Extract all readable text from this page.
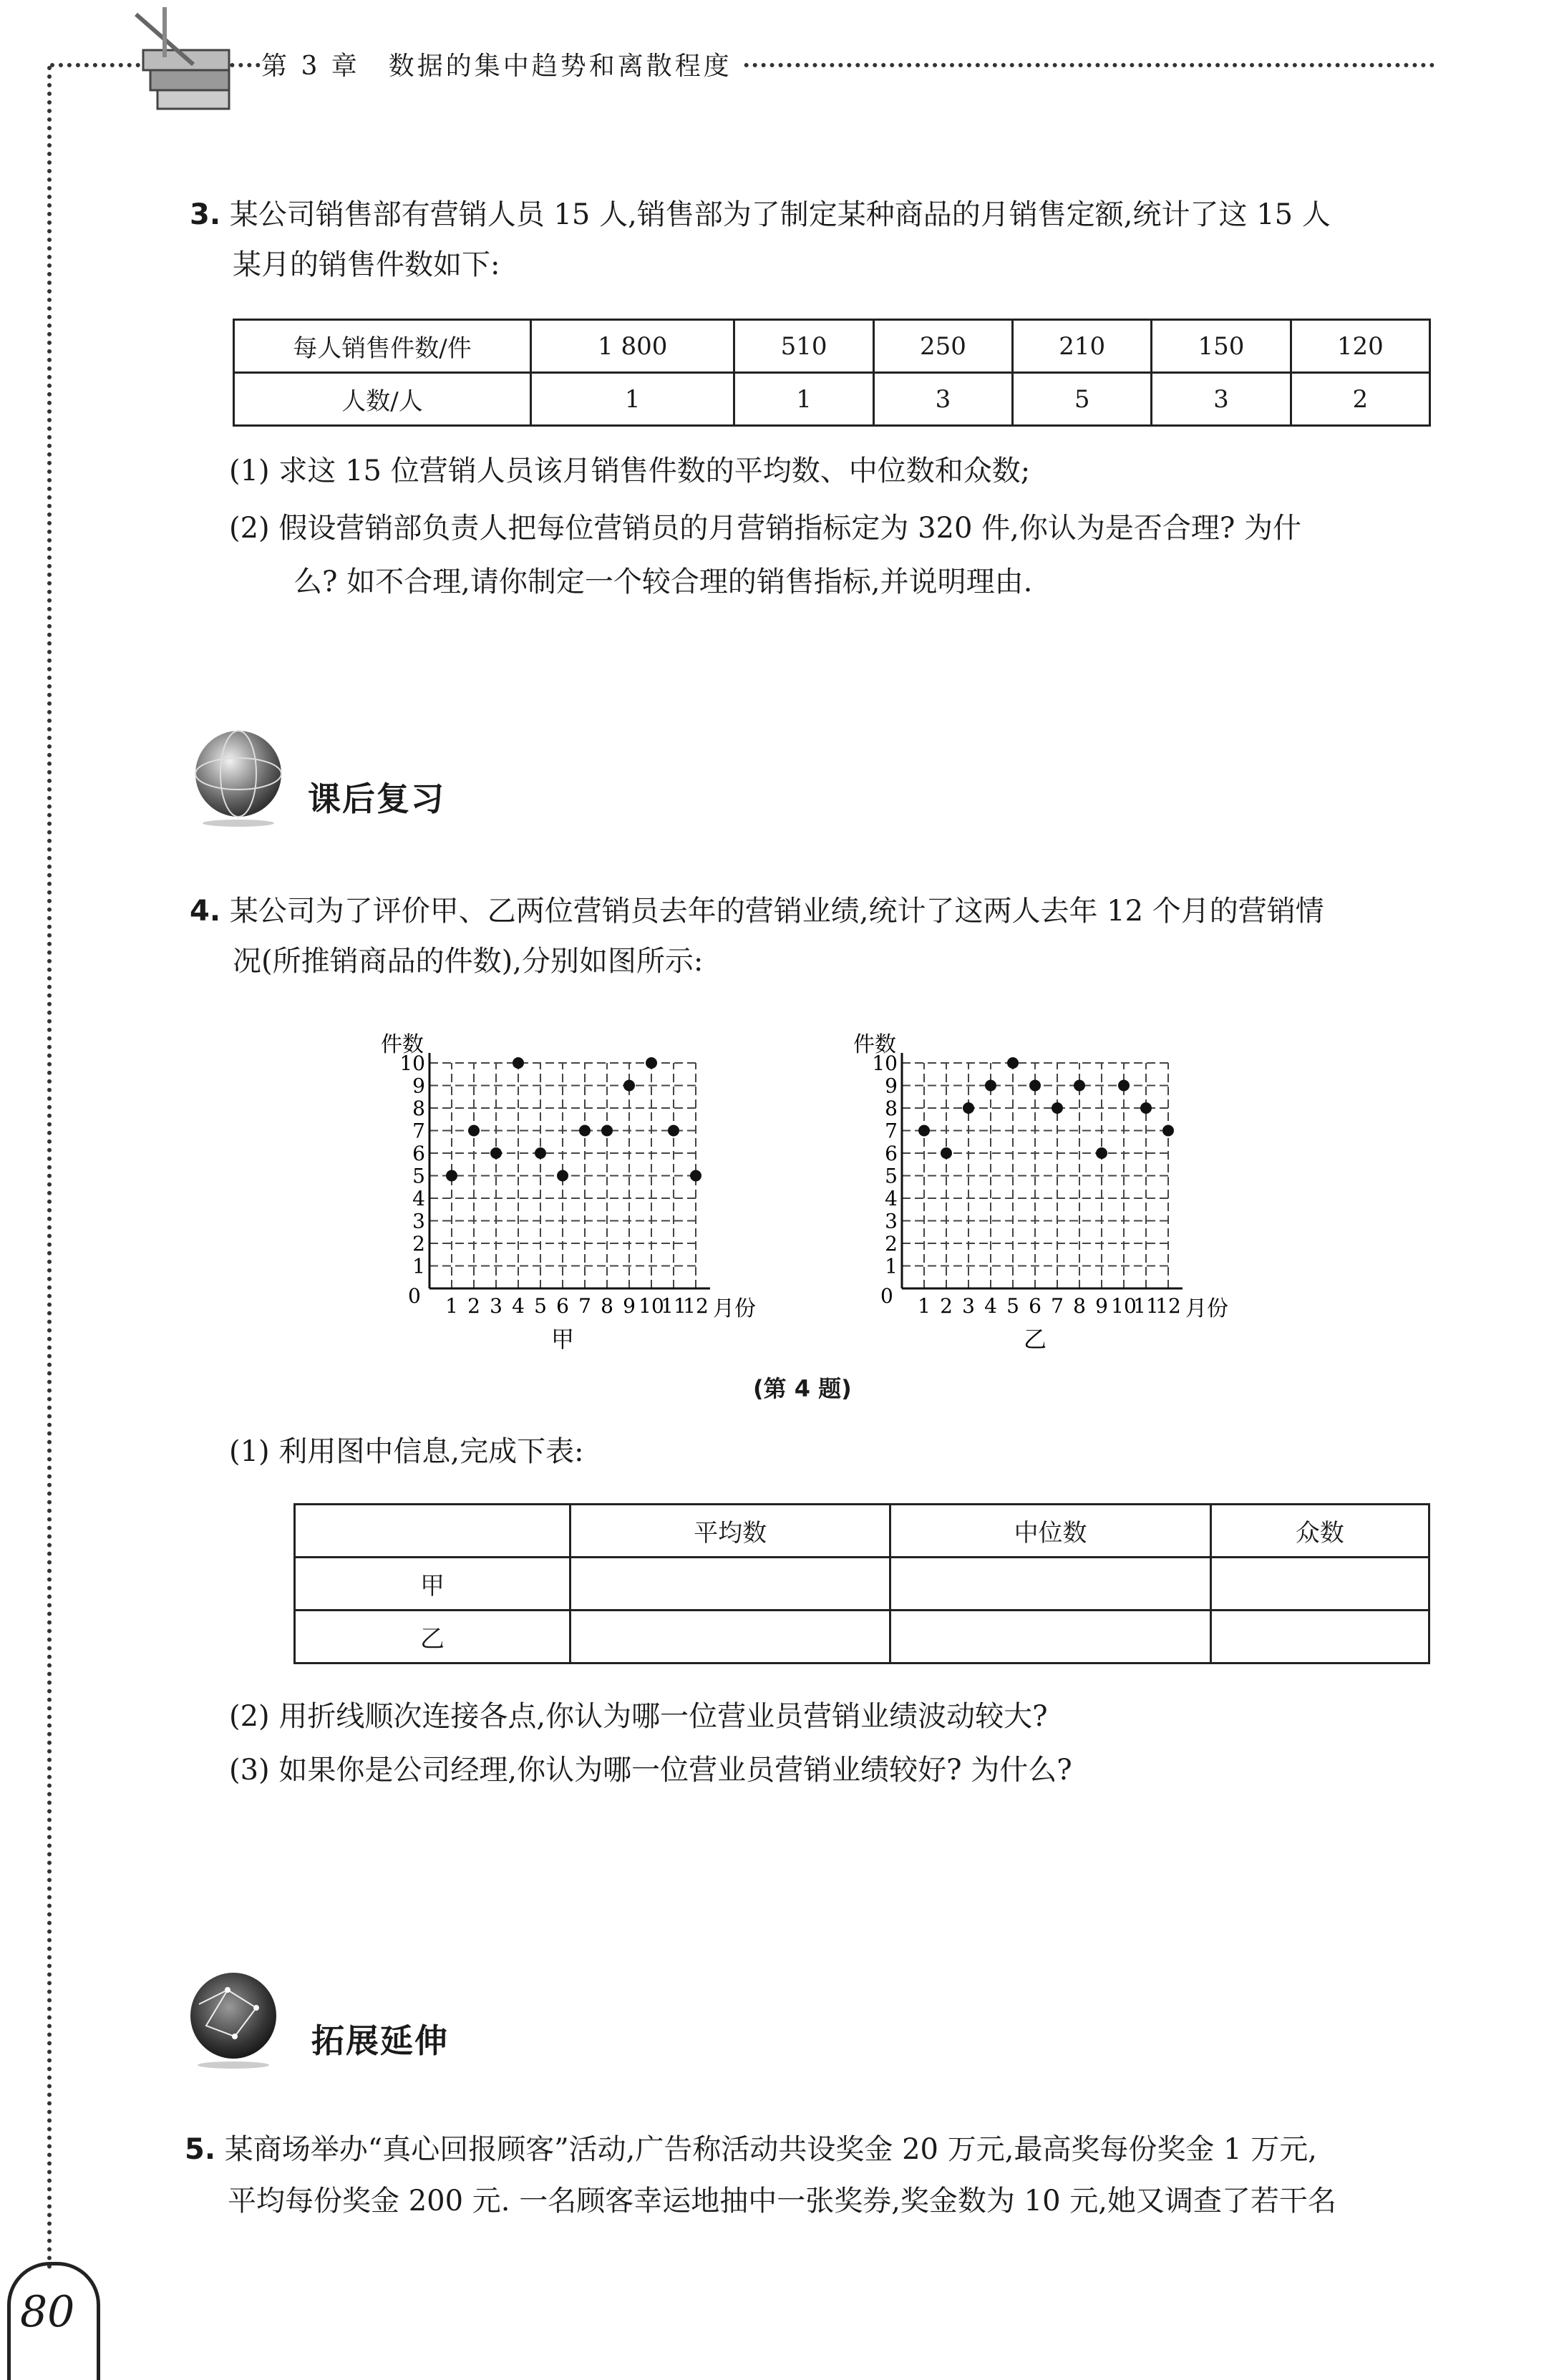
第 3 章　数据的集中趋势和离散程度
3. 某公司销售部有营销人员 15 人,销售部为了制定某种商品的月销售定额,统计了这 15 人
某月的销售件数如下:
每人销售件数/件	1 800	510	250	210	150	120
人数/人	1	1	3	5	3	2
(1) 求这 15 位营销人员该月销售件数的平均数、中位数和众数;
(2) 假设营销部负责人把每位营销员的月营销指标定为 320 件,你认为是否合理? 为什
么? 如不合理,请你制定一个较合理的销售指标,并说明理由.
课后复习
4. 某公司为了评价甲、乙两位营销员去年的营销业绩,统计了这两人去年 12 个月的营销情
况(所推销商品的件数),分别如图所示:
1 2 3 4 5 6 7 8 9 10
11
12
1
2
3
4
5
6
7
8
9
10
0
件数
月份
甲
1 2 3 4 5 6 7 8 9 10
11
12
1
2
3
4
5
6
7
8
9
10
0
件数
月份
乙
(第 4 题)
(1) 利用图中信息,完成下表:
	平均数	中位数	众数
甲			
乙			
(2) 用折线顺次连接各点,你认为哪一位营业员营销业绩波动较大?
(3) 如果你是公司经理,你认为哪一位营业员营销业绩较好? 为什么?
拓展延伸
5. 某商场举办“真心回报顾客”活动,广告称活动共设奖金 20 万元,最高奖每份奖金 1 万元,
平均每份奖金 200 元. 一名顾客幸运地抽中一张奖券,奖金数为 10 元,她又调查了若干名
80
